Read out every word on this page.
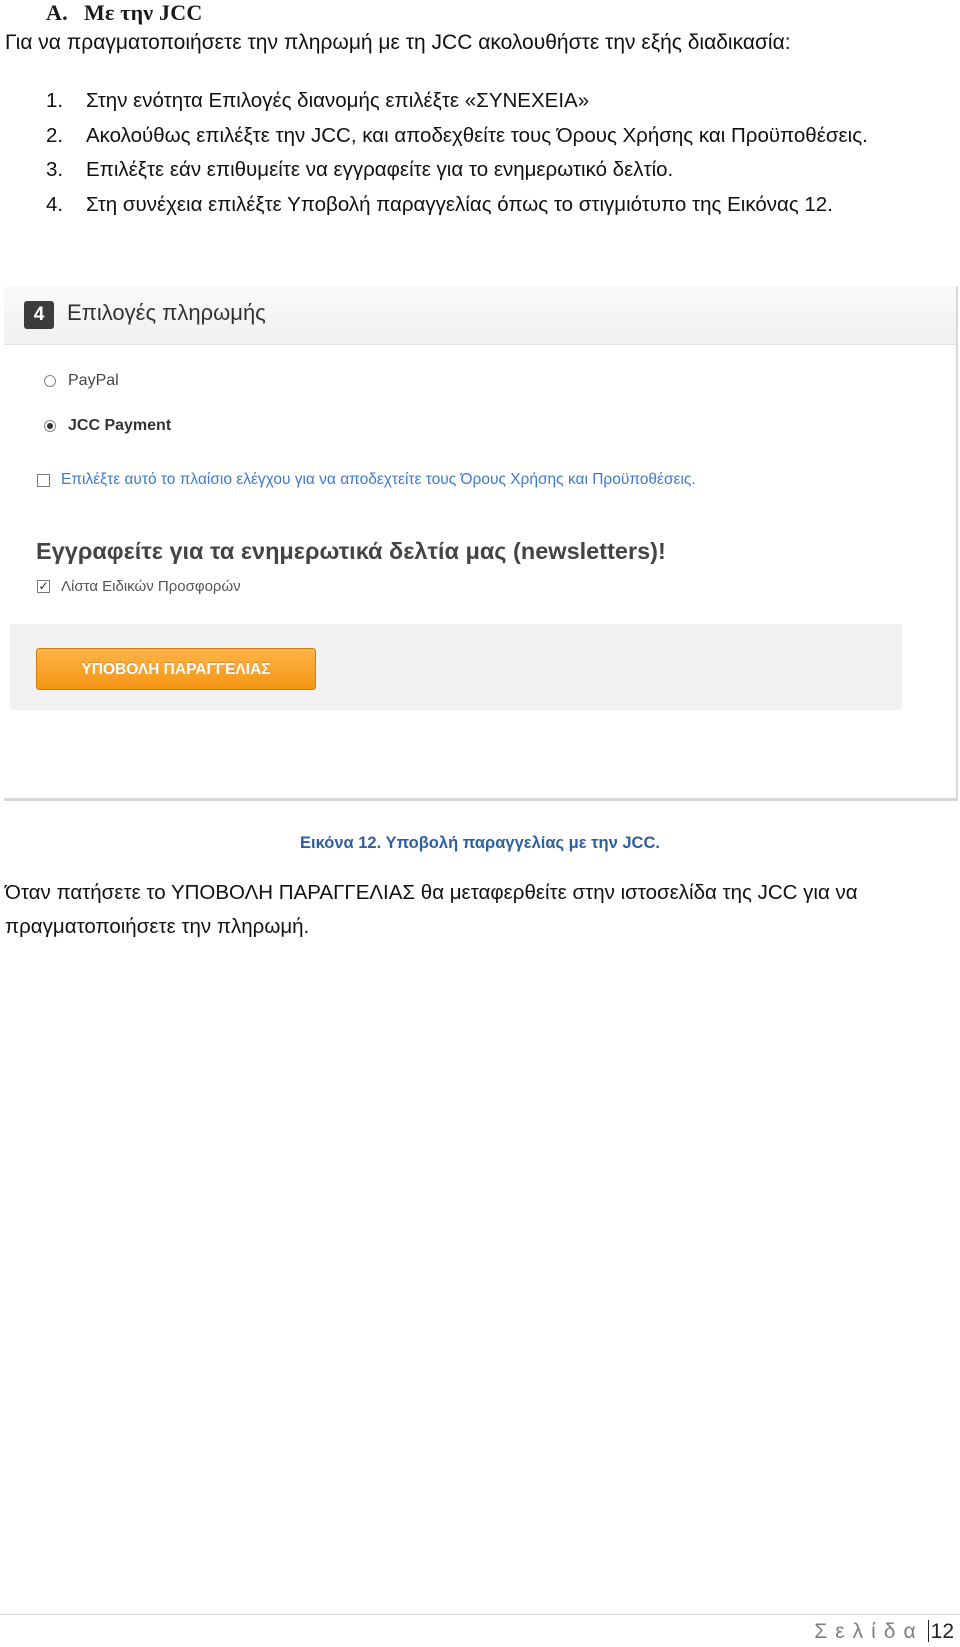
A. Με την JCC
Για να πραγματοποιήσετε την πληρωμή με τη JCC ακολουθήστε την εξής διαδικασία:
1. Στην ενότητα Επιλογές διανομής επιλέξτε «ΣΥΝΕΧΕΙΑ»
2. Ακολούθως επιλέξτε την JCC, και αποδεχθείτε τους Όρους Χρήσης και Προϋποθέσεις.
3. Επιλέξτε εάν επιθυμείτε να εγγραφείτε για το ενημερωτικό δελτίο.
4. Στη συνέχεια επιλέξτε Υποβολή παραγγελίας όπως το στιγμιότυπο της Εικόνας 12.
4	Επιλογές πληρωμής
PayPal
JCC Payment
Επιλέξτε αυτό το πλαίσιο ελέγχου για να αποδεχτείτε τους Όρους Χρήσης και Προϋποθέσεις.
Εγγραφείτε για τα ενημερωτικά δελτία μας (newsletters)!
✓ Λίστα Ειδικών Προσφορών
ΥΠΟΒΟΛΗ ΠΑΡΑΓΓΕΛΙΑΣ
Εικόνα 12. Υποβολή παραγγελίας με την JCC.
Όταν πατήσετε το ΥΠΟΒΟΛΗ ΠΑΡΑΓΓΕΛΙΑΣ θα μεταφερθείτε στην ιστοσελίδα της JCC για να πραγματοποιήσετε την πληρωμή.
Σελίδα 12
